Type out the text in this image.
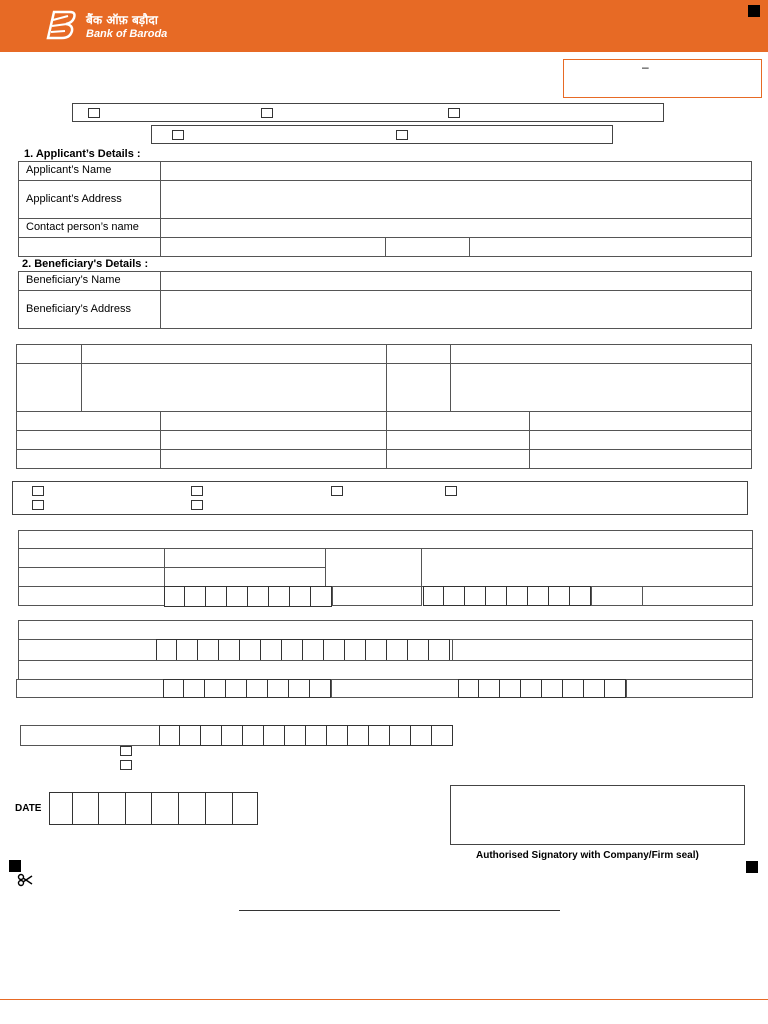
बैंक ऑफ़ बड़ौदा
Bank of Baroda
–
1. Applicant’s Details :
Applicant’s Name
Applicant’s Address
Contact person’s name
2. Beneficiary's Details :
Beneficiary’s Name
Beneficiary’s Address
DATE
Authorised Signatory with Company/Firm seal)
